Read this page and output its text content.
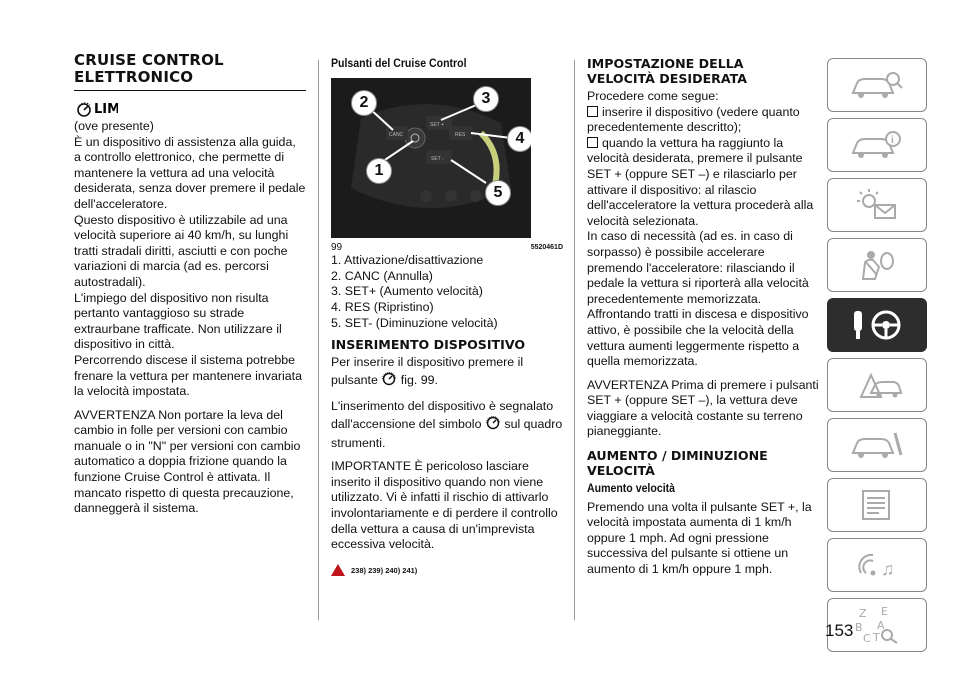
CRUISE CONTROL
ELETTRONICO
LIM

(ove presente)

È un dispositivo di assistenza alla guida, a controllo elettronico, che permette di mantenere la vettura ad una velocità desiderata, senza dover premere il pedale dell'acceleratore.

Questo dispositivo è utilizzabile ad una velocità superiore ai 40 km/h, su lunghi tratti stradali diritti, asciutti e con poche variazioni di marcia (ad es. percorsi autostradali).

L'impiego del dispositivo non risulta pertanto vantaggioso su strade extraurbane trafficate. Non utilizzare il dispositivo in città.

Percorrendo discese il sistema potrebbe frenare la vettura per mantenere invariata la velocità impostata.

AVVERTENZA Non portare la leva del cambio in folle per versioni con cambio manuale o in "N" per versioni con cambio automatico a doppia frizione quando la funzione Cruise Control è attivata. Il mancato rispetto di questa precauzione, danneggerà il sistema.

Pulsanti del Cruise Control
CANC
SET +
RES
SET -
1
2	3
4
5
99	5520461D

1. Attivazione/disattivazione

2. CANC (Annulla)

3. SET+ (Aumento velocità)

4. RES (Ripristino)

5. SET- (Diminuzione velocità)

INSERIMENTO DISPOSITIVO

Per inserire il dispositivo premere il pulsante fig. 99.

L'inserimento del dispositivo è segnalato dall'accensione del simbolo sul quadro strumenti.

IMPORTANTE È pericoloso lasciare inserito il dispositivo quando non viene utilizzato. Vi è infatti il rischio di attivarlo involontariamente e di perdere il controllo della vettura a causa di un'imprevista eccessiva velocità.

238) 239) 240) 241)
IMPOSTAZIONE DELLA
VELOCITÀ DESIDERATA

Procedere come segue:

inserire il dispositivo (vedere quanto precedentemente descritto);

quando la vettura ha raggiunto la velocità desiderata, premere il pulsante SET + (oppure SET –) e rilasciarlo per attivare il dispositivo: al rilascio dell'acceleratore la vettura procederà alla velocità selezionata.

In caso di necessità (ad es. in caso di sorpasso) è possibile accelerare premendo l'acceleratore: rilasciando il pedale la vettura si riporterà alla velocità precedentemente memorizzata.

Affrontando tratti in discesa e dispositivo attivo, è possibile che la velocità della vettura aumenti leggermente rispetto a quella memorizzata.

AVVERTENZA Prima di premere i pulsanti SET + (oppure SET –), la vettura deve viaggiare a velocità costante su terreno pianeggiante.

AUMENTO / DIMINUZIONE
VELOCITÀ
Aumento velocità

Premendo una volta il pulsante SET +, la velocità impostata aumenta di 1 km/h oppure 1 mph. Ad ogni pressione successiva del pulsante si ottiene un aumento di 1 km/h oppure 1 mph.

i
♫
Z E
B A
C T
153
